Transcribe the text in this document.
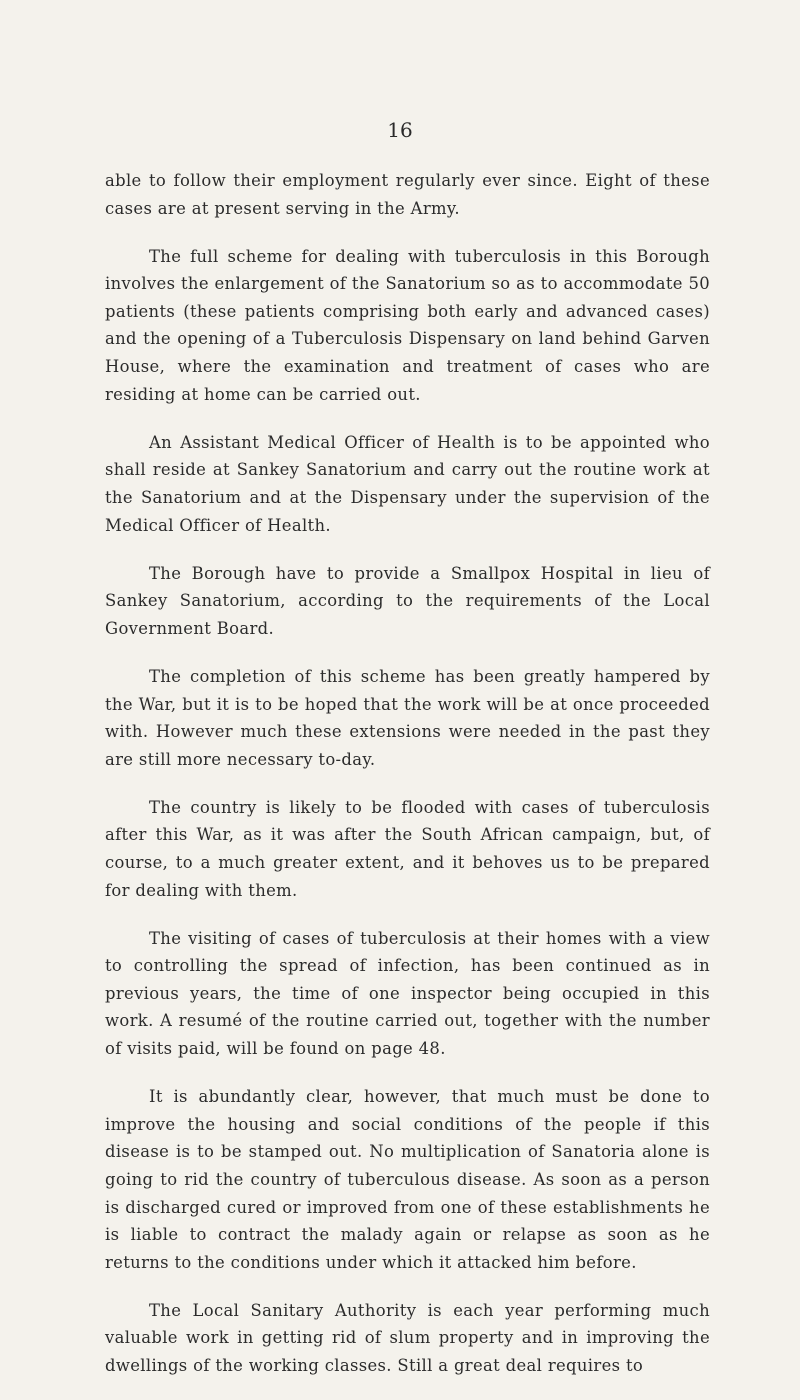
16

able to follow their employment regularly ever since. Eight of these cases are at present serving in the Army.

The full scheme for dealing with tuberculosis in this Borough involves the enlargement of the Sanatorium so as to accommodate 50 patients (these patients comprising both early and advanced cases) and the opening of a Tuberculosis Dispensary on land behind Garven House, where the examination and treatment of cases who are residing at home can be carried out.

An Assistant Medical Officer of Health is to be appointed who shall reside at Sankey Sanatorium and carry out the routine work at the Sanatorium and at the Dispensary under the supervision of the Medical Officer of Health.

The Borough have to provide a Smallpox Hospital in lieu of Sankey Sanatorium, according to the requirements of the Local Government Board.

The completion of this scheme has been greatly hampered by the War, but it is to be hoped that the work will be at once proceeded with. However much these extensions were needed in the past they are still more necessary to-day.

The country is likely to be flooded with cases of tuberculosis after this War, as it was after the South African campaign, but, of course, to a much greater extent, and it behoves us to be prepared for dealing with them.

The visiting of cases of tuberculosis at their homes with a view to controlling the spread of infection, has been continued as in previous years, the time of one inspector being occupied in this work. A resumé of the routine carried out, together with the number of visits paid, will be found on page 48.

It is abundantly clear, however, that much must be done to improve the housing and social conditions of the people if this disease is to be stamped out. No multiplication of Sanatoria alone is going to rid the country of tuberculous disease. As soon as a person is discharged cured or improved from one of these establishments he is liable to contract the malady again or relapse as soon as he returns to the conditions under which it attacked him before.

The Local Sanitary Authority is each year performing much valuable work in getting rid of slum property and in improving the dwellings of the working classes. Still a great deal requires to
